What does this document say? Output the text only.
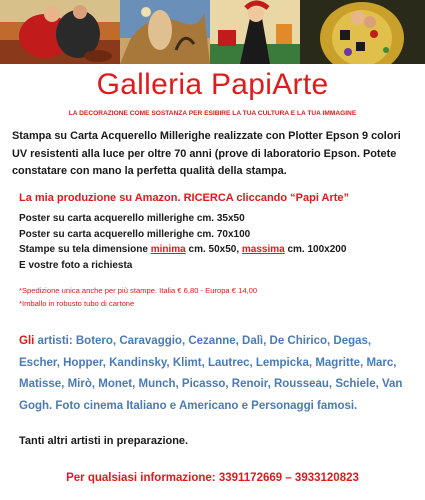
Galleria PapiArte
LA DECORAZIONE COME SOSTANZA PER ESIBIRE LA TUA CULTURA E LA TUA IMMAGINE
Stampa su Carta Acquerello Millerighe realizzate con Plotter Epson 9 colori UV resistenti alla luce per oltre 70 anni (prove di laboratorio Epson. Potete constatare con mano la perfetta qualità della stampa.
La mia produzione su Amazon. RICERCA cliccando “Papi Arte”
Poster su carta acquerello millerighe cm. 35x50
Poster su carta acquerello millerighe cm. 70x100
Stampe su tela dimensione minima cm. 50x50, massima cm. 100x200
E vostre foto a richiesta
*Spedizione unica anche per più stampe. Italia € 6,80 - Europa € 14,00
*Imballo in robusto tubo di cartone
Gli artisti: Botero, Caravaggio, Cezanne, Dalì, De Chirico, Degas, Escher, Hopper, Kandinsky, Klimt, Lautrec, Lempicka, Magritte, Marc, Matisse, Mirò, Monet, Munch, Picasso, Renoir, Rousseau, Schiele, Van Gogh. Foto cinema Italiano e Americano e Personaggi famosi.
Tanti altri artisti in preparazione.
Per qualsiasi informazione: 3391172669 – 3933120823
